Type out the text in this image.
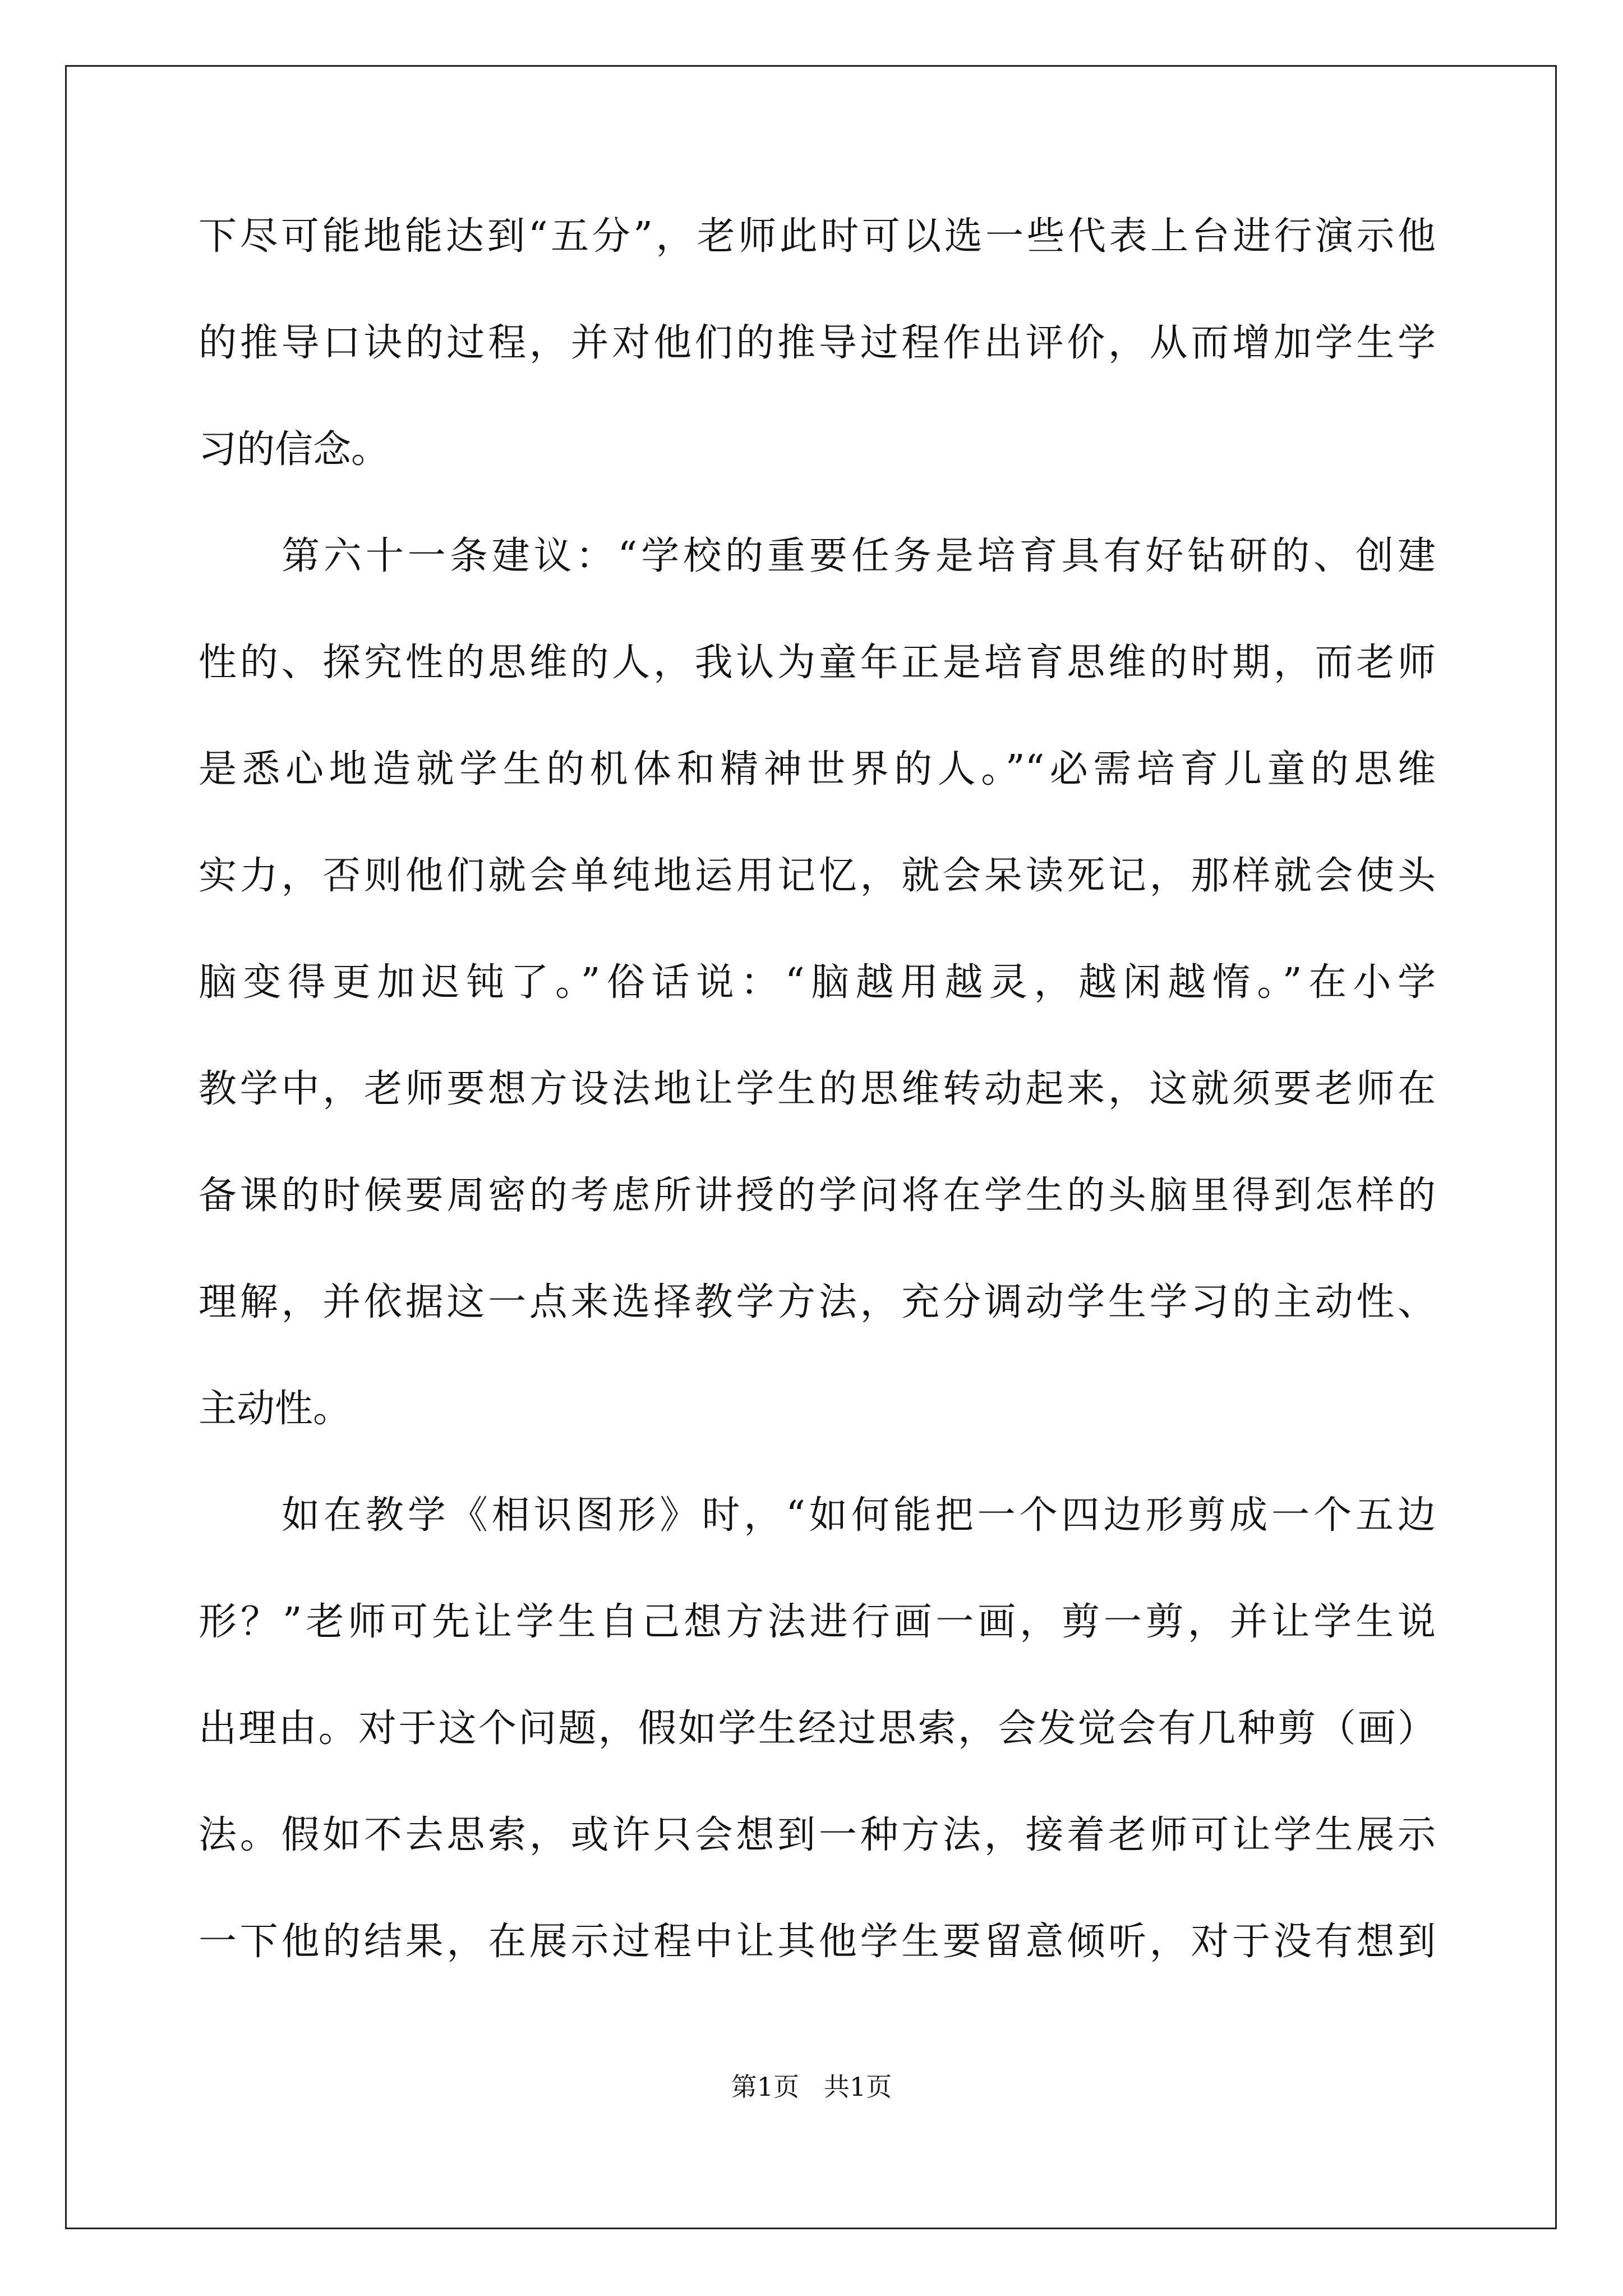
下尽可能地能达到“五分”，老师此时可以选一些代表上台进行演示他
的推导口诀的过程，并对他们的推导过程作出评价，从而增加学生学
习的信念。
第六十一条建议：“学校的重要任务是培育具有好钻研的、创建
性的、探究性的思维的人，我认为童年正是培育思维的时期，而老师
是悉心地造就学生的机体和精神世界的人。”“必需培育儿童的思维
实力，否则他们就会单纯地运用记忆，就会呆读死记，那样就会使头
脑变得更加迟钝了。”俗话说：“脑越用越灵，越闲越惰。”在小学
教学中，老师要想方设法地让学生的思维转动起来，这就须要老师在
备课的时候要周密的考虑所讲授的学问将在学生的头脑里得到怎样的
理解，并依据这一点来选择教学方法，充分调动学生学习的主动性、
主动性。
如在教学《相识图形》时，“如何能把一个四边形剪成一个五边
形？”老师可先让学生自己想方法进行画一画，剪一剪，并让学生说
出理由。对于这个问题，假如学生经过思索，会发觉会有几种剪（画）
法。假如不去思索，或许只会想到一种方法，接着老师可让学生展示
一下他的结果，在展示过程中让其他学生要留意倾听，对于没有想到
第1页   共1页
